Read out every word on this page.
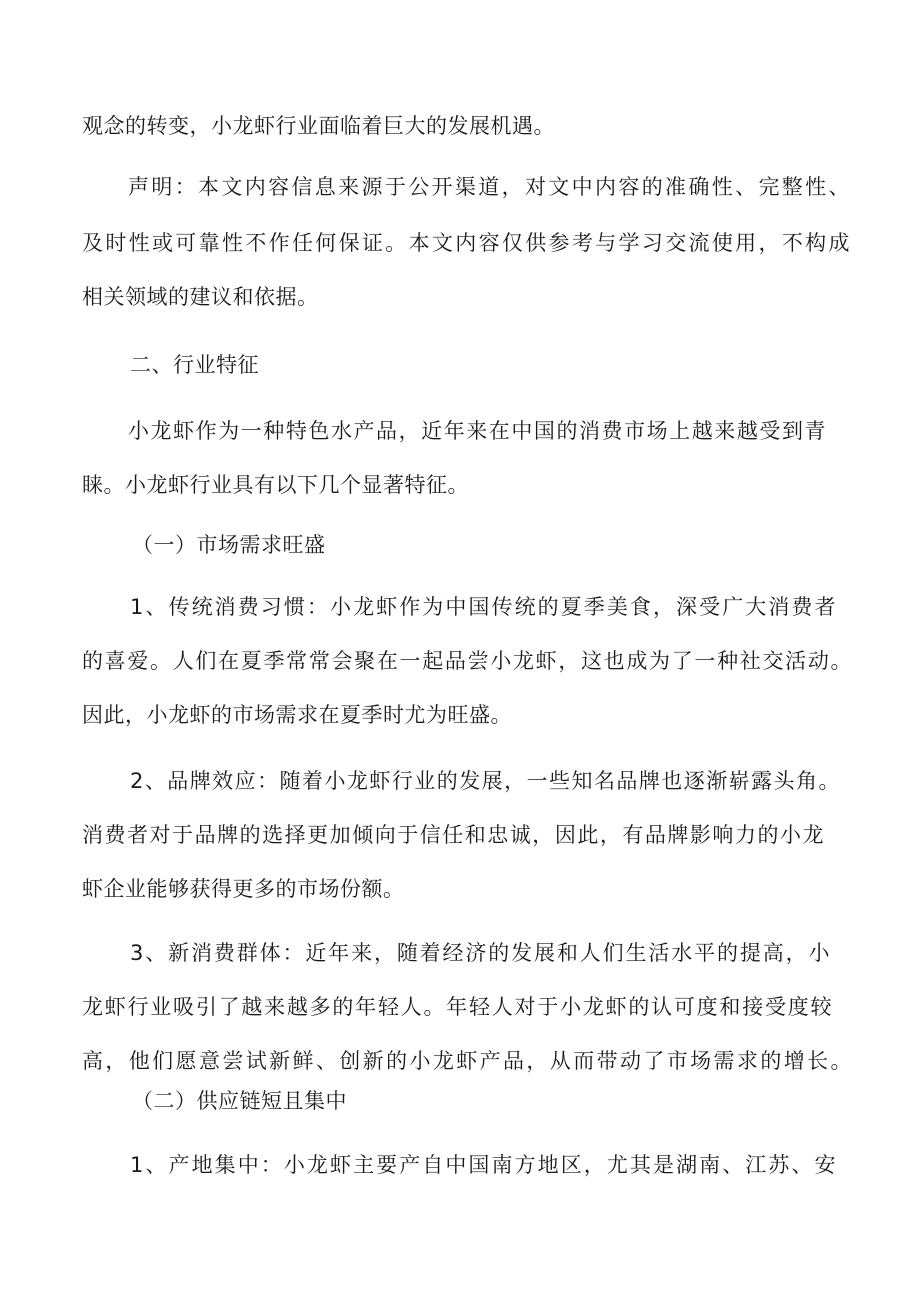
观念的转变，小龙虾行业面临着巨大的发展机遇。
声明：本文内容信息来源于公开渠道，对文中内容的准确性、完整性、
及时性或可靠性不作任何保证。本文内容仅供参考与学习交流使用，不构成
相关领域的建议和依据。
二、行业特征
小龙虾作为一种特色水产品，近年来在中国的消费市场上越来越受到青
睐。小龙虾行业具有以下几个显著特征。
（一）市场需求旺盛
1、传统消费习惯：小龙虾作为中国传统的夏季美食，深受广大消费者
的喜爱。人们在夏季常常会聚在一起品尝小龙虾，这也成为了一种社交活动。
因此，小龙虾的市场需求在夏季时尤为旺盛。
2、品牌效应：随着小龙虾行业的发展，一些知名品牌也逐渐崭露头角。
消费者对于品牌的选择更加倾向于信任和忠诚，因此，有品牌影响力的小龙
虾企业能够获得更多的市场份额。
3、新消费群体：近年来，随着经济的发展和人们生活水平的提高，小
龙虾行业吸引了越来越多的年轻人。年轻人对于小龙虾的认可度和接受度较
高，他们愿意尝试新鲜、创新的小龙虾产品，从而带动了市场需求的增长。
（二）供应链短且集中
1、产地集中：小龙虾主要产自中国南方地区，尤其是湖南、江苏、安
